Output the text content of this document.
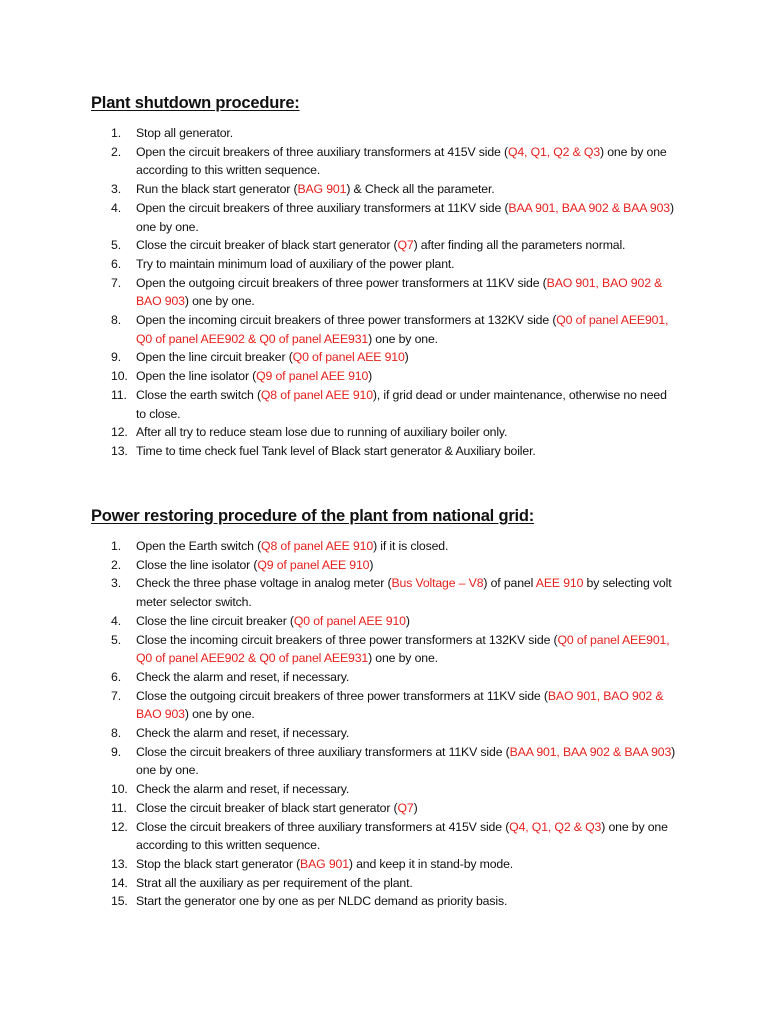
Plant shutdown procedure:
1. Stop all generator.
2. Open the circuit breakers of three auxiliary transformers at 415V side (Q4, Q1, Q2 & Q3) one by one according to this written sequence.
3. Run the black start generator (BAG 901) & Check all the parameter.
4. Open the circuit breakers of three auxiliary transformers at 11KV side (BAA 901, BAA 902 & BAA 903) one by one.
5. Close the circuit breaker of black start generator (Q7) after finding all the parameters normal.
6. Try to maintain minimum load of auxiliary of the power plant.
7. Open the outgoing circuit breakers of three power transformers at 11KV side (BAO 901, BAO 902 & BAO 903) one by one.
8. Open the incoming circuit breakers of three power transformers at 132KV side (Q0 of panel AEE901, Q0 of panel AEE902 & Q0 of panel AEE931) one by one.
9. Open the line circuit breaker (Q0 of panel AEE 910)
10. Open the line isolator (Q9 of panel AEE 910)
11. Close the earth switch (Q8 of panel AEE 910), if grid dead or under maintenance, otherwise no need to close.
12. After all try to reduce steam lose due to running of auxiliary boiler only.
13. Time to time check fuel Tank level of Black start generator & Auxiliary boiler.
Power restoring procedure of the plant from national grid:
1. Open the Earth switch (Q8 of panel AEE 910) if it is closed.
2. Close the line isolator (Q9 of panel AEE 910)
3. Check the three phase voltage in analog meter (Bus Voltage – V8) of panel AEE 910 by selecting volt meter selector switch.
4. Close the line circuit breaker (Q0 of panel AEE 910)
5. Close the incoming circuit breakers of three power transformers at 132KV side (Q0 of panel AEE901, Q0 of panel AEE902 & Q0 of panel AEE931) one by one.
6. Check the alarm and reset, if necessary.
7. Close the outgoing circuit breakers of three power transformers at 11KV side (BAO 901, BAO 902 & BAO 903) one by one.
8. Check the alarm and reset, if necessary.
9. Close the circuit breakers of three auxiliary transformers at 11KV side (BAA 901, BAA 902 & BAA 903) one by one.
10. Check the alarm and reset, if necessary.
11. Close the circuit breaker of black start generator (Q7)
12. Close the circuit breakers of three auxiliary transformers at 415V side (Q4, Q1, Q2 & Q3) one by one according to this written sequence.
13. Stop the black start generator (BAG 901) and keep it in stand-by mode.
14. Strat all the auxiliary as per requirement of the plant.
15. Start the generator one by one as per NLDC demand as priority basis.
